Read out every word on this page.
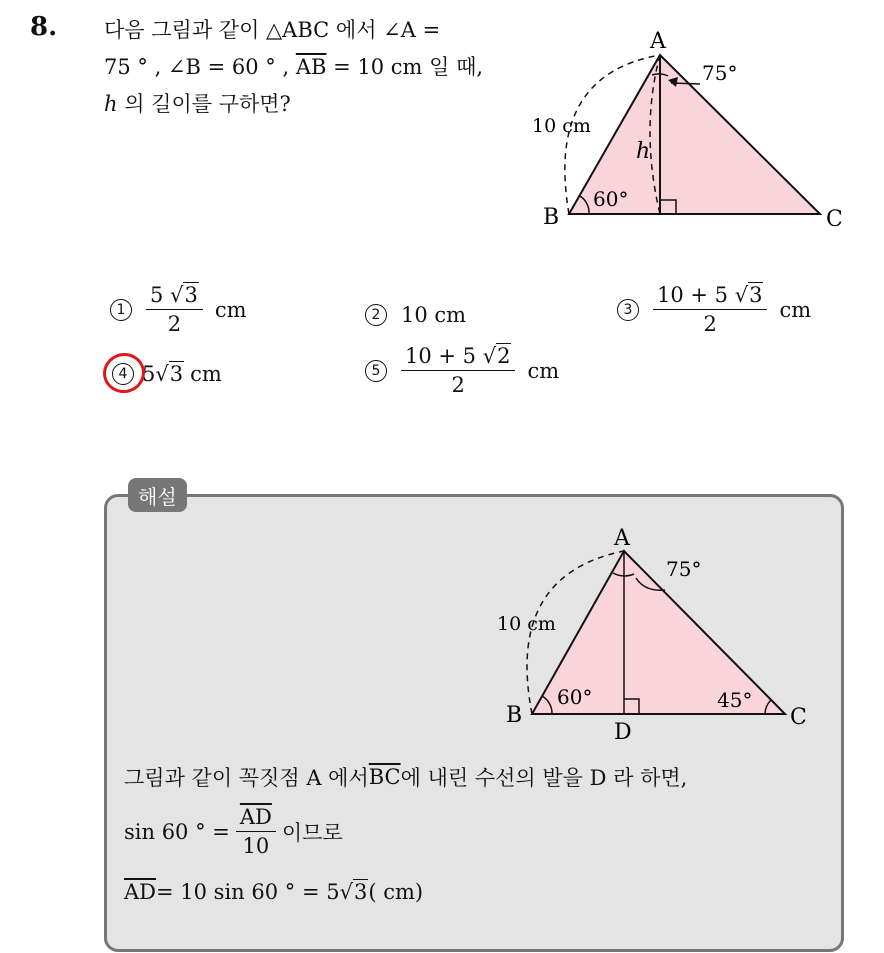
8. 다음 그림과 같이 △ABC 에서 ∠A =
75 ° , ∠B = 60 ° , $\overline{AB} = 10$ cm 일 때,
h 의 길이를 구하면?
A
B	C
75°
60°
10 cm
h
$1 \frac{5 √3}{2}$ cm	2 10 cm	$3 \frac{10 + 5 √3}{2}$ cm
4 5 √3 cm	$5 \frac{10 + 5 √2}{2}$ cm
해설
A
B	C
D
75°
60°	45°
10 cm
그림과 같이 꼭짓점 A 에서 $\overline{BC}$ 에 내린 수선의 발을 D 라 하면,
sin 60 ° = $\frac{\overline{AD}}{10}$ 이므로
$\overline{AD} = 10$ sin 60 ° = 5 √3 ( cm)
